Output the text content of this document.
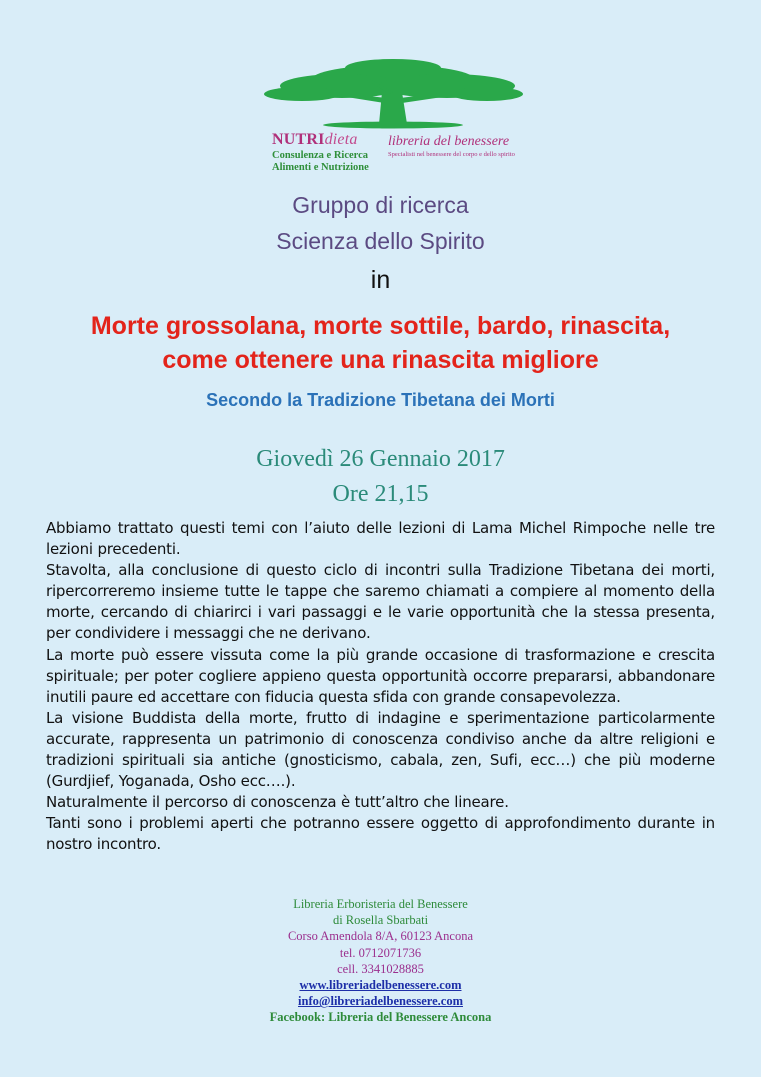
NUTRIdieta
Consulenza e Ricerca
Alimenti e Nutrizione
libreria del benessere
Specialisti nel benessere del corpo e dello spirito
Gruppo di ricerca
Scienza dello Spirito
in
Morte grossolana, morte sottile, bardo, rinascita,
come ottenere una rinascita migliore
Secondo la Tradizione Tibetana dei Morti
Giovedì 26 Gennaio 2017
Ore 21,15

Abbiamo trattato questi temi con l’aiuto delle lezioni di Lama Michel Rimpoche nelle tre lezioni precedenti.

Stavolta, alla conclusione di questo ciclo di incontri sulla Tradizione Tibetana dei morti, ripercorreremo insieme tutte le tappe che saremo chiamati a compiere al momento della morte, cercando di chiarirci i vari passaggi e le varie opportunità che la stessa presenta, per condividere i messaggi che ne derivano.

La morte può essere vissuta come la più grande occasione di trasformazione e crescita spirituale; per poter cogliere appieno questa opportunità occorre prepararsi, abbandonare inutili paure ed accettare con fiducia questa sfida con grande consapevolezza.

La visione Buddista della morte, frutto di indagine e sperimentazione particolarmente accurate, rappresenta un patrimonio di conoscenza condiviso anche da altre religioni e tradizioni spirituali sia antiche (gnosticismo, cabala, zen, Sufi, ecc…) che più moderne (Gurdjief, Yoganada, Osho ecc….).

Naturalmente il percorso di conoscenza è tutt’altro che lineare.

Tanti sono i problemi aperti che potranno essere oggetto di approfondimento durante in nostro incontro.

Libreria Erboristeria del Benessere
di Rosella Sbarbati
Corso Amendola 8/A, 60123 Ancona
tel. 0712071736
cell. 3341028885
www.libreriadelbenessere.com
info@libreriadelbenessere.com
Facebook: Libreria del Benessere Ancona
